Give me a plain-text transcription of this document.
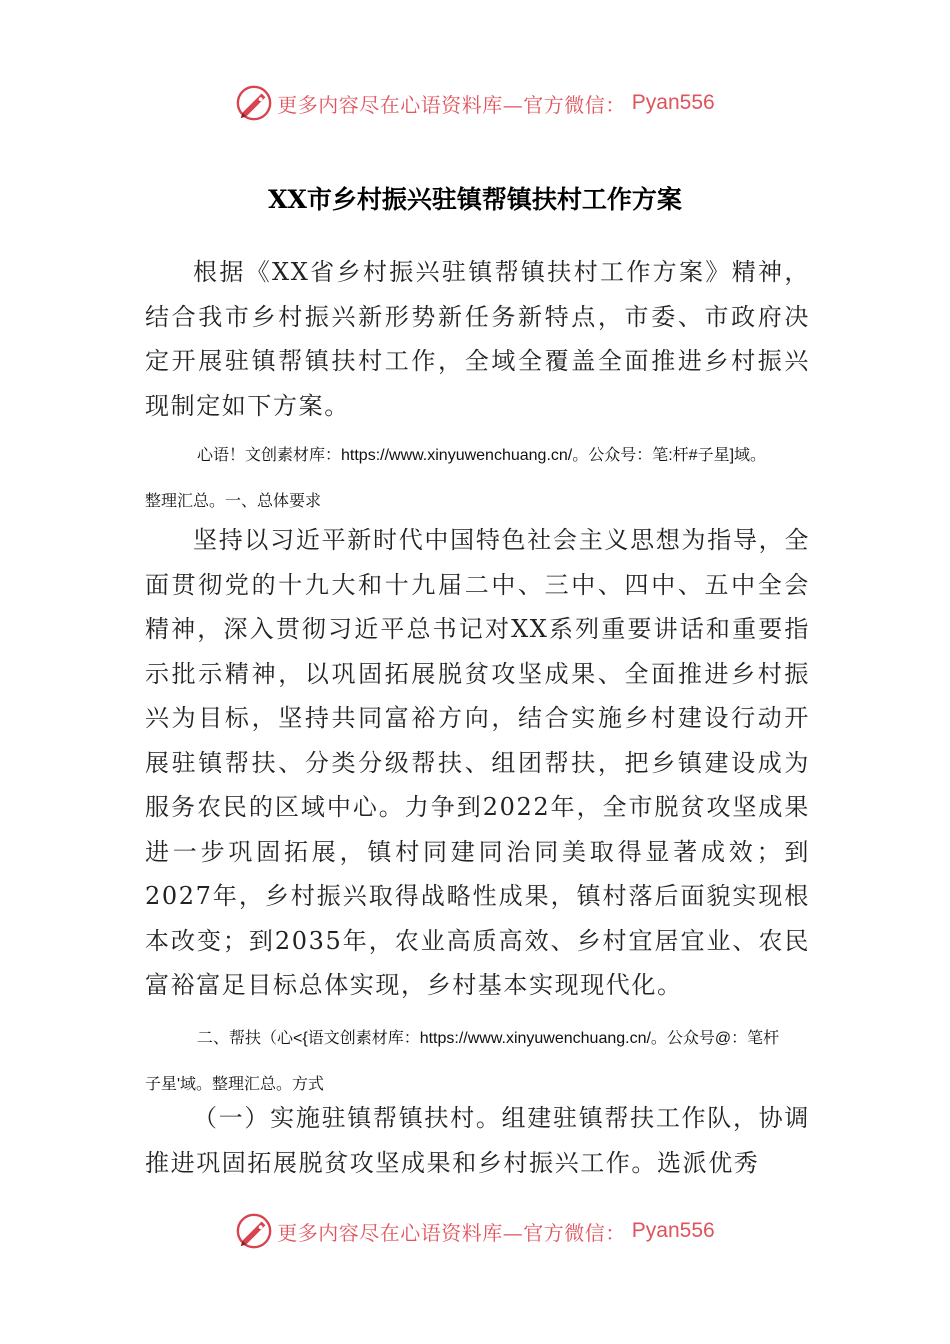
更多内容尽在心语资料库—官方微信： Pyan556
XX市乡村振兴驻镇帮镇扶村工作方案

根据《XX省乡村振兴驻镇帮镇扶村工作方案》精神，结合我市乡村振兴新形势新任务新特点，市委、市政府决定开展驻镇帮镇扶村工作，全域全覆盖全面推进乡村振兴现制定如下方案。

心语！文创素材库：https://www.xinyuwenchuang.cn/。公众号：笔:杆#子星]域。
整理汇总。一、总体要求

坚持以习近平新时代中国特色社会主义思想为指导，全面贯彻党的十九大和十九届二中、三中、四中、五中全会精神，深入贯彻习近平总书记对XX系列重要讲话和重要指示批示精神，以巩固拓展脱贫攻坚成果、全面推进乡村振兴为目标，坚持共同富裕方向，结合实施乡村建设行动开展驻镇帮扶、分类分级帮扶、组团帮扶，把乡镇建设成为服务农民的区域中心。力争到2022年，全市脱贫攻坚成果进一步巩固拓展，镇村同建同治同美取得显著成效；到2027年，乡村振兴取得战略性成果，镇村落后面貌实现根本改变；到2035年，农业高质高效、乡村宜居宜业、农民富裕富足目标总体实现，乡村基本实现现代化。

二、帮扶（心<{语文创素材库：https://www.xinyuwenchuang.cn/。公众号@：笔杆
子星'域。整理汇总。方式

（一）实施驻镇帮镇扶村。组建驻镇帮扶工作队，协调推进巩固拓展脱贫攻坚成果和乡村振兴工作。选派优秀

更多内容尽在心语资料库—官方微信： Pyan556
